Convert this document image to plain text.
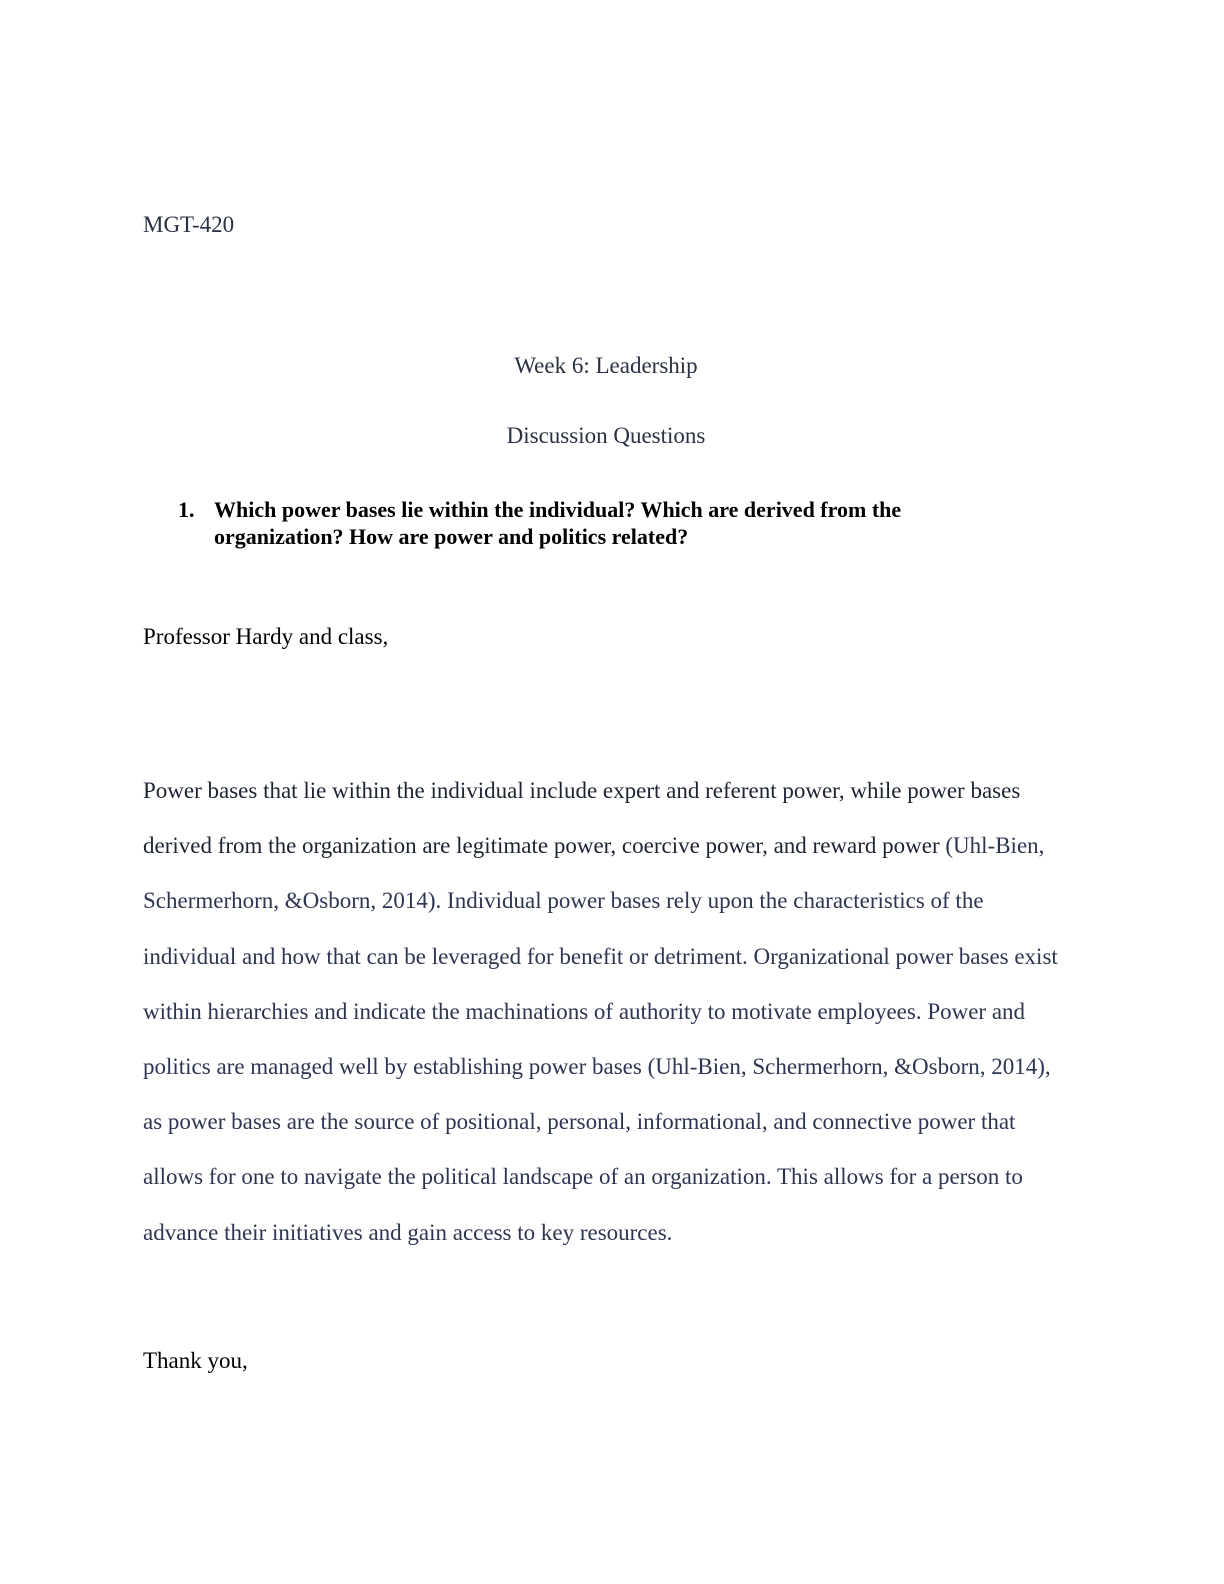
MGT-420
Week 6: Leadership
Discussion Questions
1. Which power bases lie within the individual? Which are derived from the organization? How are power and politics related?
Professor Hardy and class,
Power bases that lie within the individual include expert and referent power, while power bases derived from the organization are legitimate power, coercive power, and reward power (Uhl-Bien, Schermerhorn, &Osborn, 2014). Individual power bases rely upon the characteristics of the individual and how that can be leveraged for benefit or detriment. Organizational power bases exist within hierarchies and indicate the machinations of authority to motivate employees. Power and politics are managed well by establishing power bases (Uhl-Bien, Schermerhorn, &Osborn, 2014), as power bases are the source of positional, personal, informational, and connective power that allows for one to navigate the political landscape of an organization. This allows for a person to advance their initiatives and gain access to key resources.
Thank you,
